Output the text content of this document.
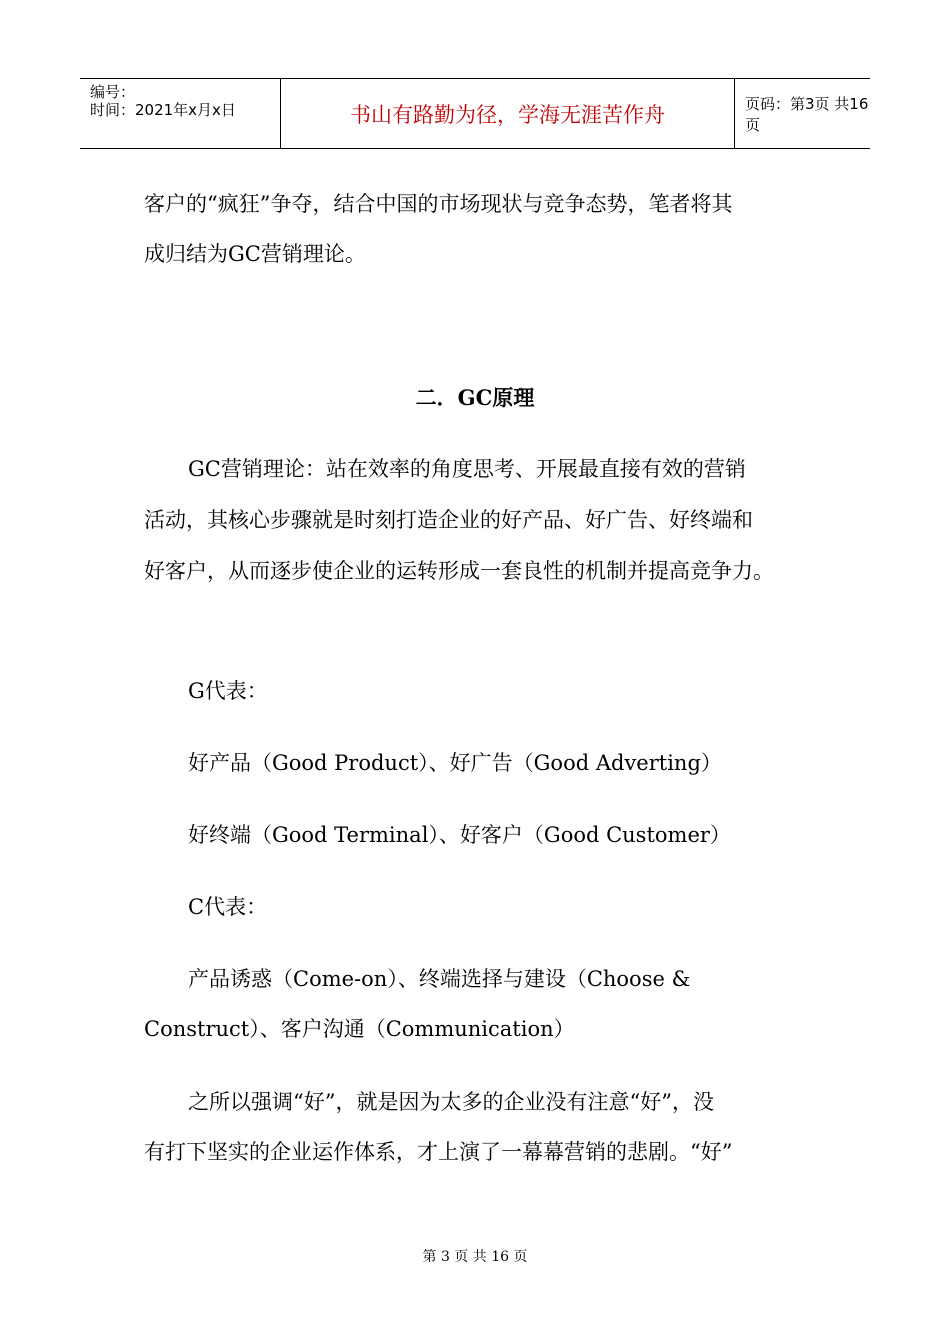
编号：
时间：2021年x月x日	书山有路勤为径，学海无涯苦作舟	页码：第3页 共16页
客户的“疯狂”争夺，结合中国的市场现状与竞争态势，笔者将其
成归结为GC营销理论。
二．GC原理
GC营销理论：站在效率的角度思考、开展最直接有效的营销
活动，其核心步骤就是时刻打造企业的好产品、好广告、好终端和
好客户，从而逐步使企业的运转形成一套良性的机制并提高竞争力。
G代表：
好产品（Good Product）、好广告（Good Adverting）
好终端（Good Terminal）、好客户（Good Customer）
C代表：
产品诱惑（Come-on）、终端选择与建设（Choose &
Construct）、客户沟通（Communication）
之所以强调“好”，就是因为太多的企业没有注意“好”，没
有打下坚实的企业运作体系，才上演了一幕幕营销的悲剧。“好”
第 3 页 共 16 页
